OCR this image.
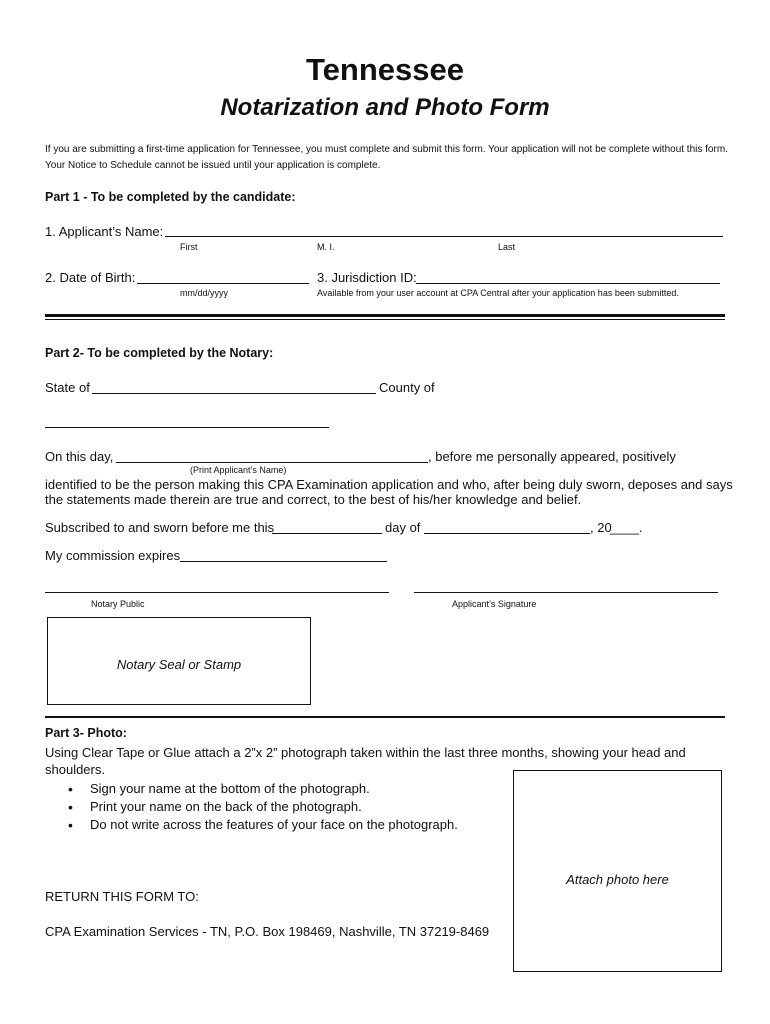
Tennessee
Notarization and Photo Form
If you are submitting a first-time application for Tennessee, you must complete and submit this form. Your application will not be complete without this form. Your Notice to Schedule cannot be issued until your application is complete.
Part 1 - To be completed by the candidate:
1. Applicant’s Name:
First	M. I.	Last
2. Date of Birth:
mm/dd/yyyy
3. Jurisdiction ID:
Available from your user account at CPA Central after your application has been submitted.
Part 2- To be completed by the Notary:
State of	County of
On this day,	, before me personally appeared, positively
(Print Applicant’s Name)
identified to be the person making this CPA Examination application and who, after being duly sworn, deposes and says the statements made therein are true and correct, to the best of his/her knowledge and belief.
Subscribed to and sworn before me this	day of	, 20
____.
My commission expires
Notary Public	Applicant’s Signature
Notary Seal or Stamp
Part 3- Photo:
Using Clear Tape or Glue attach a 2”x 2” photograph taken within the last three months, showing your head and shoulders.
• Sign your name at the bottom of the photograph.
• Print your name on the back of the photograph.
• Do not write across the features of your face on the photograph.
Attach photo here
RETURN THIS FORM TO:
CPA Examination Services - TN, P.O. Box 198469, Nashville, TN 37219-8469
